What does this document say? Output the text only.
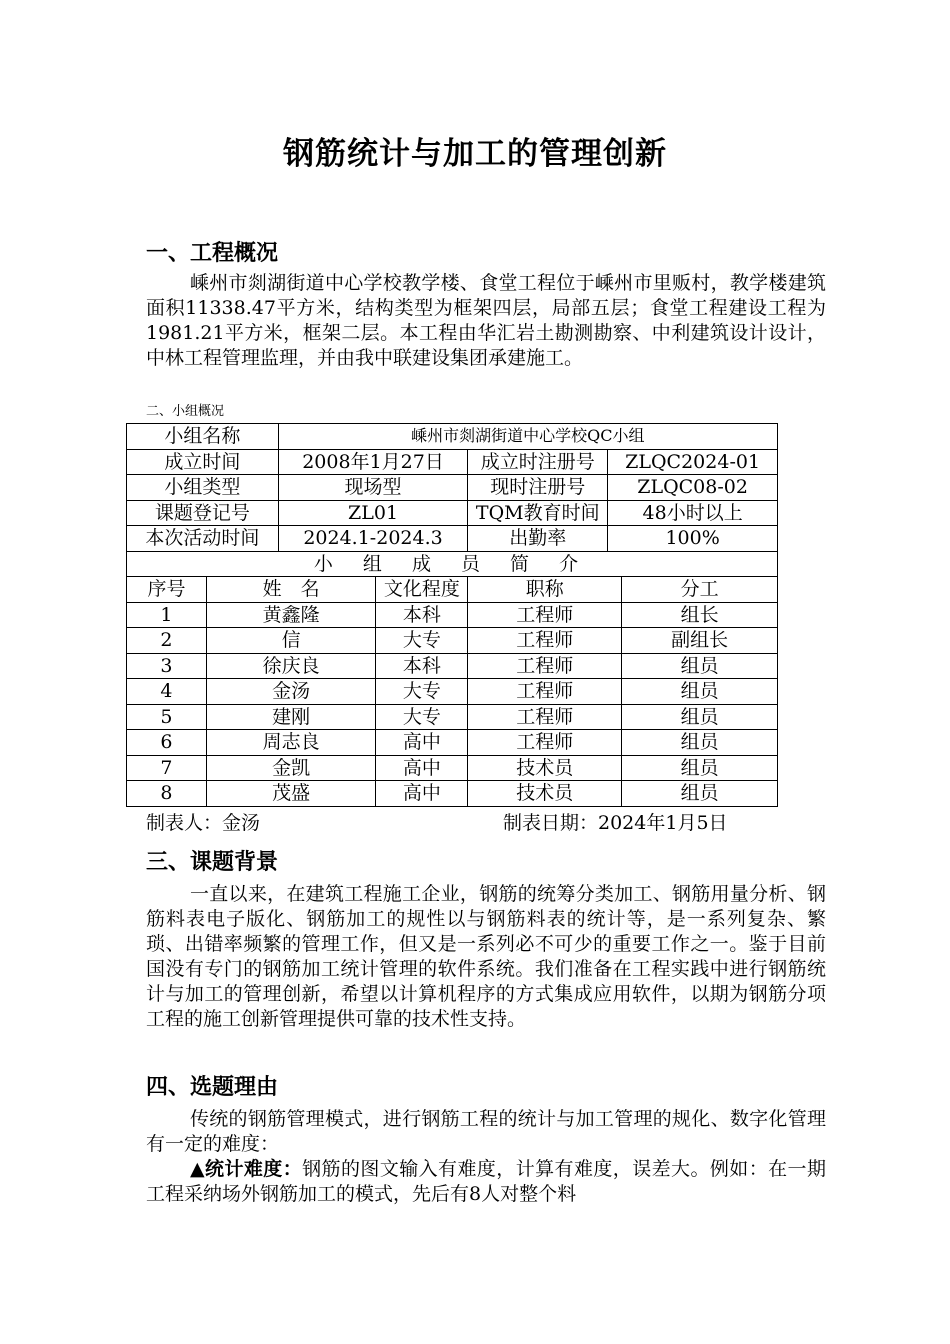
钢筋统计与加工的管理创新
一、工程概况

嵊州市剡湖街道中心学校教学楼、食堂工程位于嵊州市里贩村，教学楼建筑面积11338.47平方米，结构类型为框架四层，局部五层；食堂工程建设工程为1981.21平方米，框架二层。本工程由华汇岩土勘测勘察、中利建筑设计设计，中林工程管理监理，并由我中联建设集团承建施工。

二、小组概况
小组名称		嵊州市剡湖街道中心学校QC小组				
成立时间		2008年1月27日		成立时注册号	ZLQC2024-01	
小组类型		现场型		现时注册号	ZLQC08-02	
课题登记号		ZL01		TQM教育时间	48小时以上	
本次活动时间		2024.1-2024.3		出勤率	100%	
小 组 成 员 简 介						
序号	姓　名		文化程度	职称		分工
1	黄鑫隆		本科	工程师		组长
2	信		大专	工程师		副组长
3	徐庆良		本科	工程师		组员
4	金汤		大专	工程师		组员
5	建刚		大专	工程师		组员
6	周志良		高中	工程师		组员
7	金凯		高中	技术员		组员
8	茂盛		高中	技术员		组员
制表人：金汤	制表日期：2024年1月5日
三、课题背景

一直以来，在建筑工程施工企业，钢筋的统筹分类加工、钢筋用量分析、钢筋料表电子版化、钢筋加工的规性以与钢筋料表的统计等，是一系列复杂、繁琐、出错率频繁的管理工作，但又是一系列必不可少的重要工作之一。鉴于目前国没有专门的钢筋加工统计管理的软件系统。我们准备在工程实践中进行钢筋统计与加工的管理创新，希望以计算机程序的方式集成应用软件，以期为钢筋分项工程的施工创新管理提供可靠的技术性支持。

四、选题理由

传统的钢筋管理模式，进行钢筋工程的统计与加工管理的规化、数字化管理有一定的难度：

▲统计难度：钢筋的图文输入有难度，计算有难度，误差大。例如：在一期工程采纳场外钢筋加工的模式，先后有8人对整个料
